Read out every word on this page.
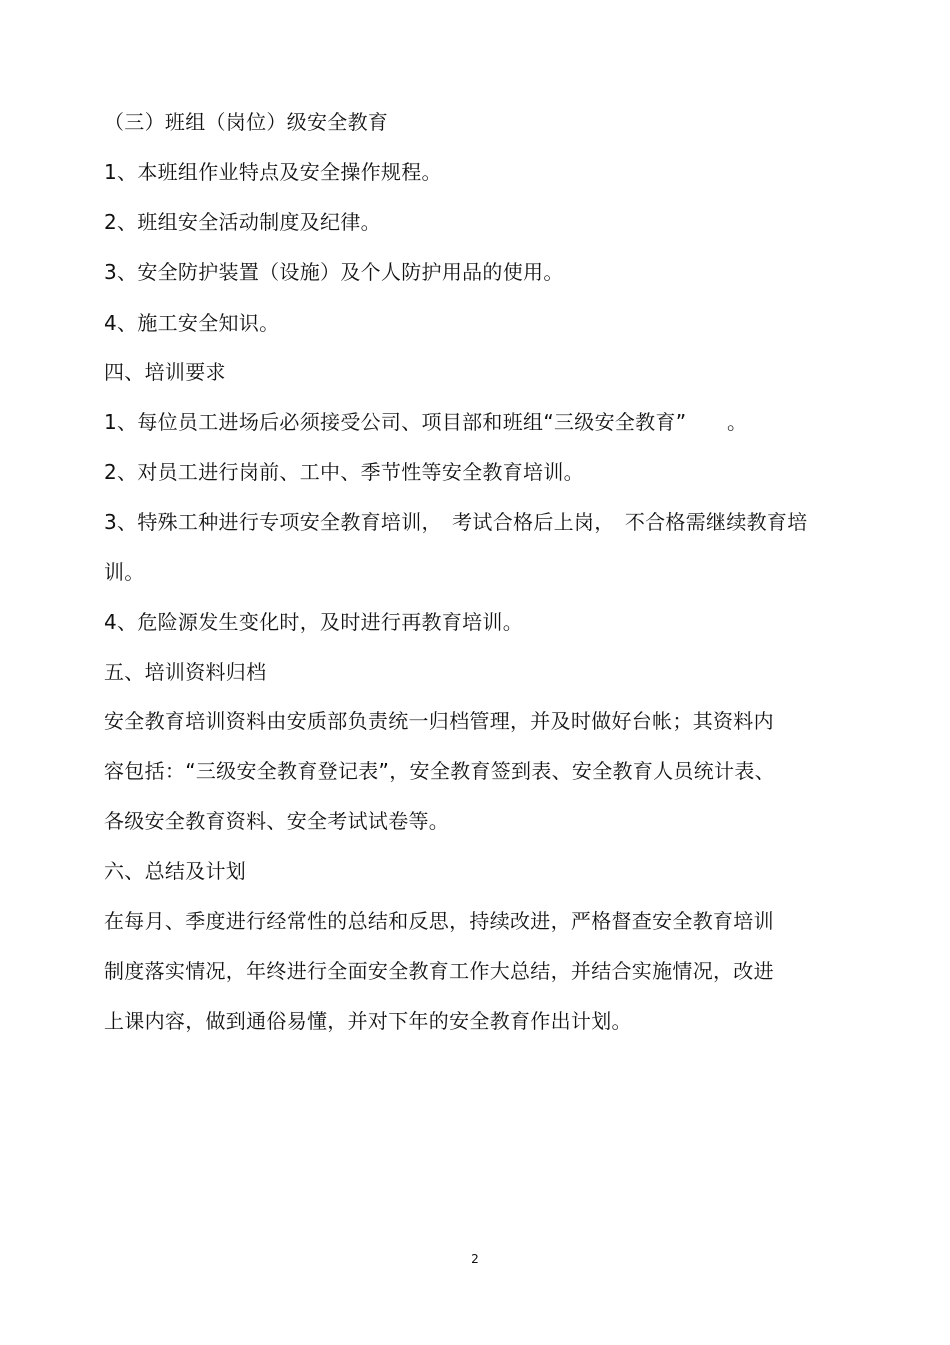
（三）班组（岗位）级安全教育
1、本班组作业特点及安全操作规程。
2、班组安全活动制度及纪律。
3、安全防护装置（设施）及个人防护用品的使用。
4、施工安全知识。
四、培训要求
1、每位员工进场后必须接受公司、项目部和班组“三级安全教育”　　。
2、对员工进行岗前、工中、季节性等安全教育培训。
3、特殊工种进行专项安全教育培训，　考试合格后上岗，　不合格需继续教育培
训。
4、危险源发生变化时，及时进行再教育培训。
五、培训资料归档
安全教育培训资料由安质部负责统一归档管理，并及时做好台帐；其资料内
容包括：“三级安全教育登记表”，安全教育签到表、安全教育人员统计表、
各级安全教育资料、安全考试试卷等。
六、总结及计划
在每月、季度进行经常性的总结和反思，持续改进，严格督查安全教育培训
制度落实情况，年终进行全面安全教育工作大总结，并结合实施情况，改进
上课内容，做到通俗易懂，并对下年的安全教育作出计划。
2
